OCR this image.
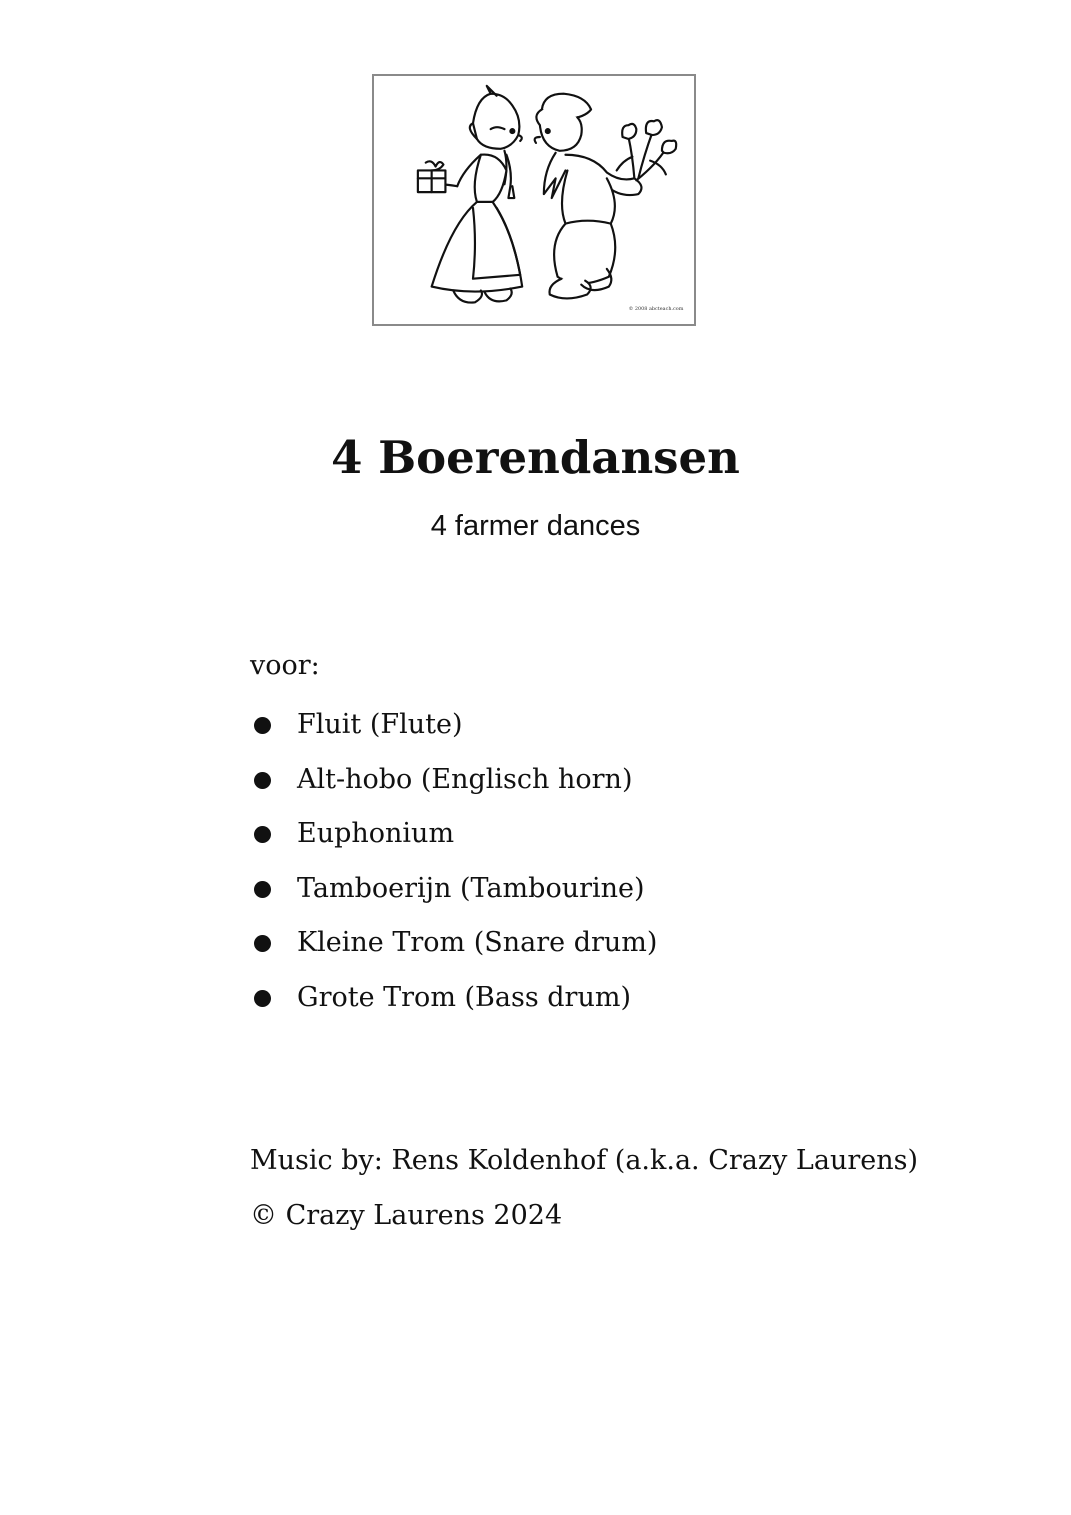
© 2008 abcteach.com
4 Boerendansen
4 farmer dances
voor:
Fluit (Flute)
Alt-hobo (Englisch horn)
Euphonium
Tamboerijn (Tambourine)
Kleine Trom (Snare drum)
Grote Trom (Bass drum)
Music by: Rens Koldenhof (a.k.a. Crazy Laurens)
© Crazy Laurens 2024
